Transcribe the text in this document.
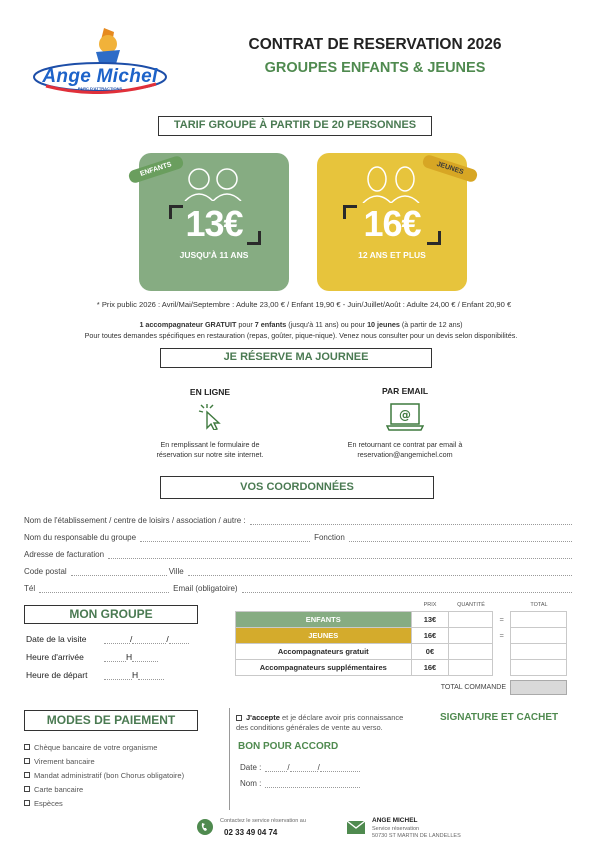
Ange Michel
PARC D'ATTRACTIONS
CONTRAT DE RESERVATION 2026
GROUPES ENFANTS & JEUNES
TARIF GROUPE À PARTIR DE 20 PERSONNES
13€
JUSQU'À 11 ANS
ENFANTS
16€
12 ANS ET PLUS
JEUNES
* Prix public 2026 : Avril/Mai/Septembre : Adulte 23,00 € / Enfant 19,90 € - Juin/Juillet/Août : Adulte 24,00 € / Enfant 20,90 €
1 accompagnateur GRATUIT pour 7 enfants (jusqu'à 11 ans) ou pour 10 jeunes (à partir de 12 ans)
Pour toutes demandes spécifiques en restauration (repas, goûter, pique-nique). Venez nous consulter pour un devis selon disponibilités.
JE RÉSERVE MA JOURNEE
EN LIGNE
En remplissant le formulaire de
réservation sur notre site internet.
PAR EMAIL
@
En retournant ce contrat par email à
reservation@angemichel.com
VOS COORDONNÉES
Nom de l'établissement / centre de loisirs / association / autre :
Nom du responsable du groupe	Fonction
Adresse de facturation
Code postal	Ville
Tél	Email (obligatoire)
MON GROUPE
Date de la visite	/	/
Heure d'arrivée	H
Heure de départ	H
PRIX	QUANTITÉ	TOTAL
ENFANTS	13€		=	
JEUNES	16€		=	
Accompagnateurs gratuit	0€			
Accompagnateurs supplémentaires	16€			
TOTAL COMMANDE
MODES DE PAIEMENT
Chèque bancaire de votre organisme
Virement bancaire
Mandat administratif (bon Chorus obligatoire)
Carte bancaire
Espèces
J'accepte et je déclare avoir pris connaissance
des conditions générales de vente au verso.
BON POUR ACCORD
Date :	/	/
Nom :
SIGNATURE ET CACHET
Contactez le service réservation au
02 33 49 04 74
ANGE MICHEL
Service réservation
50730 ST MARTIN DE LANDELLES
